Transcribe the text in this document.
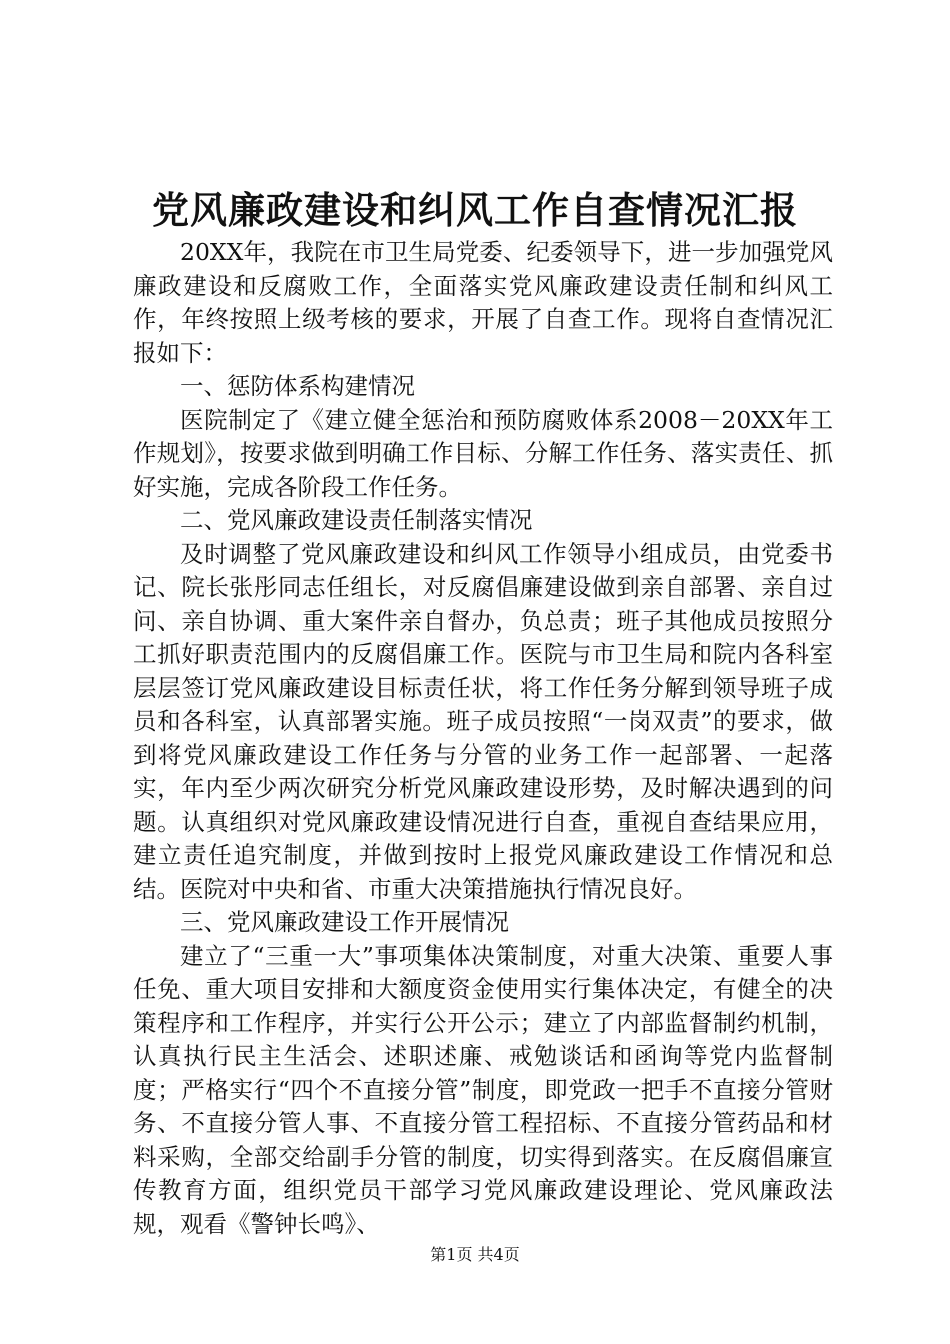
党风廉政建设和纠风工作自查情况汇报

20XX年，我院在市卫生局党委、纪委领导下，进一步加强党风廉政建设和反腐败工作，全面落实党风廉政建设责任制和纠风工作，年终按照上级考核的要求，开展了自查工作。现将自查情况汇报如下：

一、惩防体系构建情况

医院制定了《建立健全惩治和预防腐败体系2008－20XX年工作规划》，按要求做到明确工作目标、分解工作任务、落实责任、抓好实施，完成各阶段工作任务。

二、党风廉政建设责任制落实情况

及时调整了党风廉政建设和纠风工作领导小组成员，由党委书记、院长张彤同志任组长，对反腐倡廉建设做到亲自部署、亲自过问、亲自协调、重大案件亲自督办，负总责；班子其他成员按照分工抓好职责范围内的反腐倡廉工作。医院与市卫生局和院内各科室层层签订党风廉政建设目标责任状，将工作任务分解到领导班子成员和各科室，认真部署实施。班子成员按照“一岗双责”的要求，做到将党风廉政建设工作任务与分管的业务工作一起部署、一起落实，年内至少两次研究分析党风廉政建设形势，及时解决遇到的问题。认真组织对党风廉政建设情况进行自查，重视自查结果应用，建立责任追究制度，并做到按时上报党风廉政建设工作情况和总结。医院对中央和省、市重大决策措施执行情况良好。

三、党风廉政建设工作开展情况

建立了“三重一大”事项集体决策制度，对重大决策、重要人事任免、重大项目安排和大额度资金使用实行集体决定，有健全的决策程序和工作程序，并实行公开公示；建立了内部监督制约机制，认真执行民主生活会、述职述廉、戒勉谈话和函询等党内监督制度；严格实行“四个不直接分管”制度，即党政一把手不直接分管财务、不直接分管人事、不直接分管工程招标、不直接分管药品和材料采购，全部交给副手分管的制度，切实得到落实。在反腐倡廉宣传教育方面，组织党员干部学习党风廉政建设理论、党风廉政法规，观看《警钟长鸣》、

第1页 共4页
